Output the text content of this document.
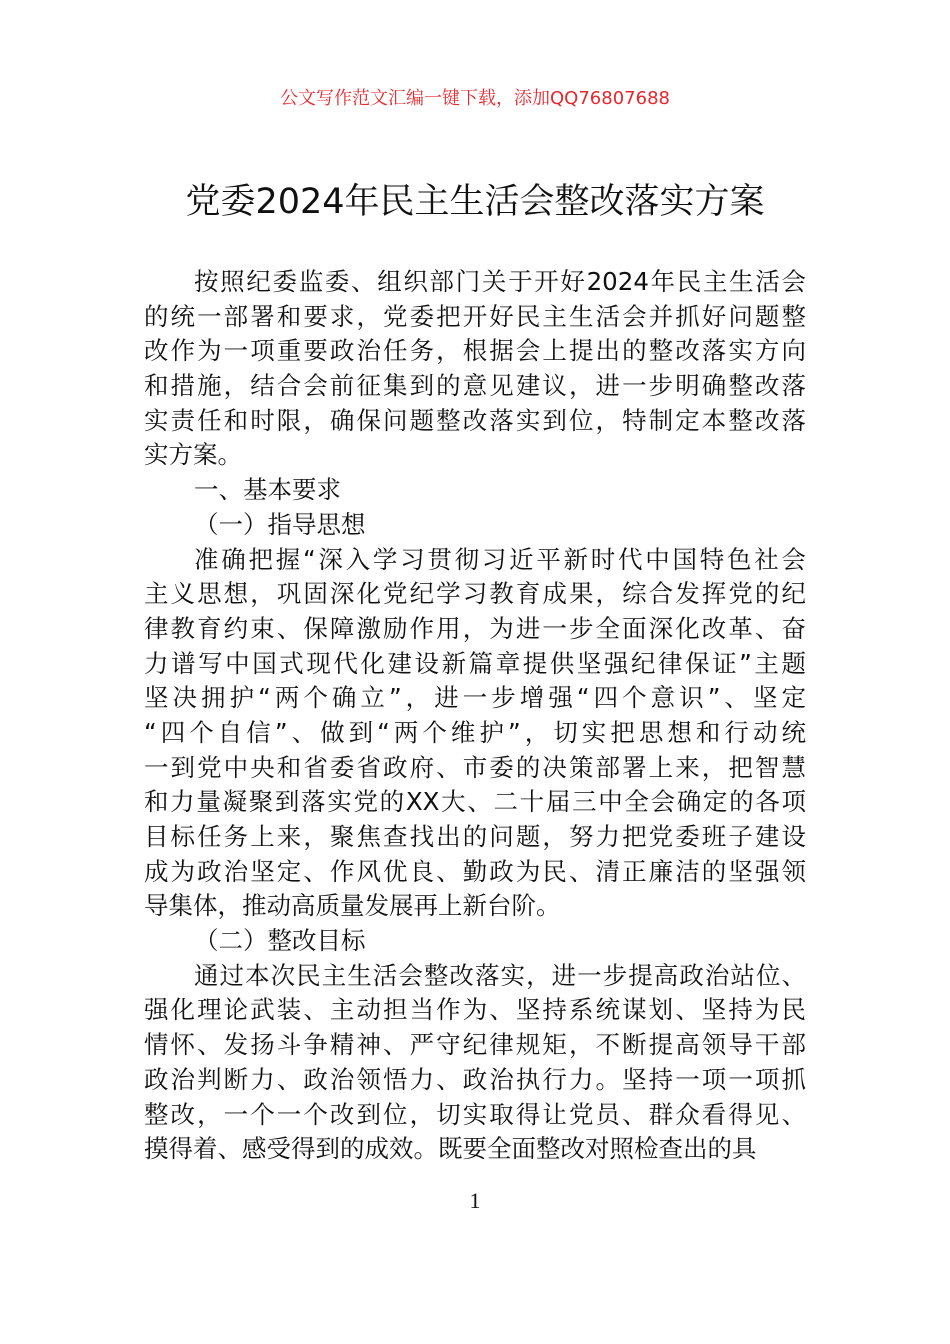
公文写作范文汇编一键下载，添加QQ76807688
党委2024年民主生活会整改落实方案
按照纪委监委、组织部门关于开好2024年民主生活会
的统一部署和要求，党委把开好民主生活会并抓好问题整
改作为一项重要政治任务，根据会上提出的整改落实方向
和措施，结合会前征集到的意见建议，进一步明确整改落
实责任和时限，确保问题整改落实到位，特制定本整改落
实方案。
一、基本要求
（一）指导思想
准确把握“深入学习贯彻习近平新时代中国特色社会
主义思想，巩固深化党纪学习教育成果，综合发挥党的纪
律教育约束、保障激励作用，为进一步全面深化改革、奋
力谱写中国式现代化建设新篇章提供坚强纪律保证”主题
坚决拥护“两个确立”，进一步增强“四个意识”、坚定
“四个自信”、做到“两个维护”，切实把思想和行动统
一到党中央和省委省政府、市委的决策部署上来，把智慧
和力量凝聚到落实党的XX大、二十届三中全会确定的各项
目标任务上来，聚焦查找出的问题，努力把党委班子建设
成为政治坚定、作风优良、勤政为民、清正廉洁的坚强领
导集体，推动高质量发展再上新台阶。
（二）整改目标
通过本次民主生活会整改落实，进一步提高政治站位、
强化理论武装、主动担当作为、坚持系统谋划、坚持为民
情怀、发扬斗争精神、严守纪律规矩，不断提高领导干部
政治判断力、政治领悟力、政治执行力。坚持一项一项抓
整改，一个一个改到位，切实取得让党员、群众看得见、
摸得着、感受得到的成效。既要全面整改对照检查出的具
1
